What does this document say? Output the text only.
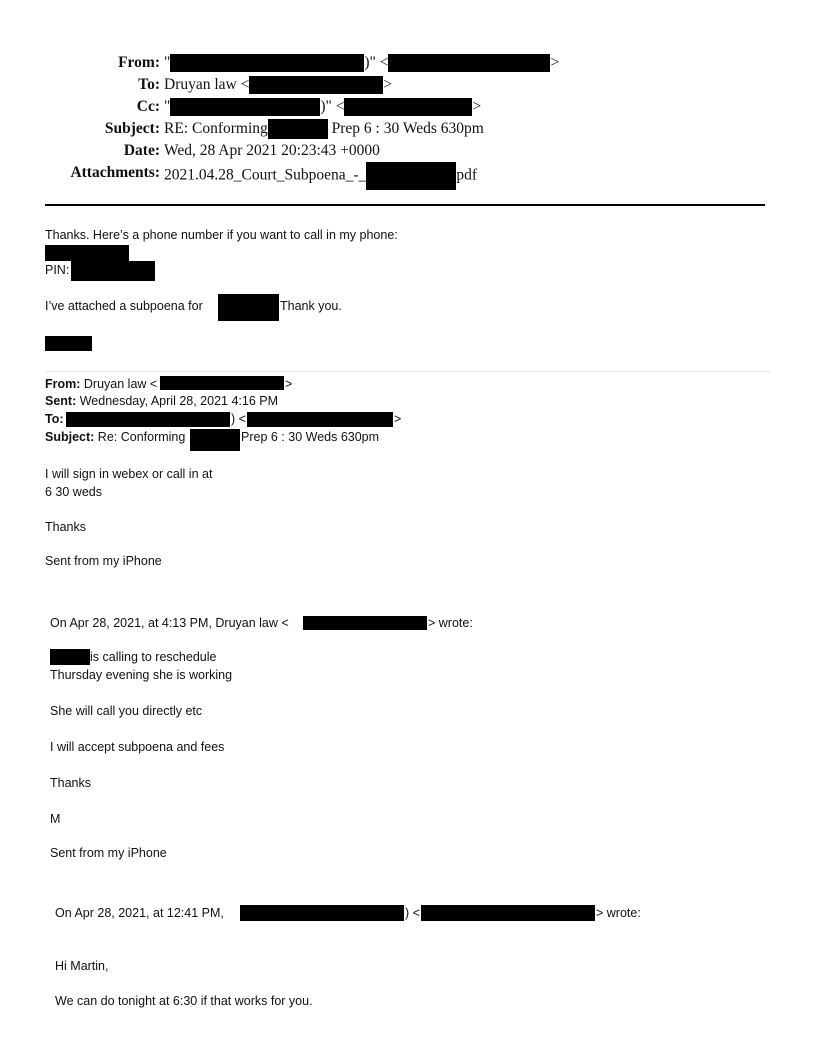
From: "	)" <	>
To: Druyan law <	>
Cc: "	)" <	>
Subject: RE: Conforming	Prep 6 : 30 Weds 630pm
Date: Wed, 28 Apr 2021 20:23:43 +0000
Attachments: 2021.04.28_Court_Subpoena_-_	pdf
Thanks. Here’s a phone number if you want to call in my phone:
PIN:
I’ve attached a subpoena for	Thank you.
From: Druyan law <	>
Sent: Wednesday, April 28, 2021 4:16 PM
To:	) <	>
Subject: Re: Conforming	Prep 6 : 30 Weds 630pm
I will sign in webex or call in at
6 30 weds
Thanks
Sent from my iPhone
On Apr 28, 2021, at 4:13 PM, Druyan law <	> wrote:
is calling to reschedule
Thursday evening she is working
She will call you directly etc
I will accept subpoena and fees
Thanks
M
Sent from my iPhone
On Apr 28, 2021, at 12:41 PM,	) <	> wrote:
Hi Martin,
We can do tonight at 6:30 if that works for you.
